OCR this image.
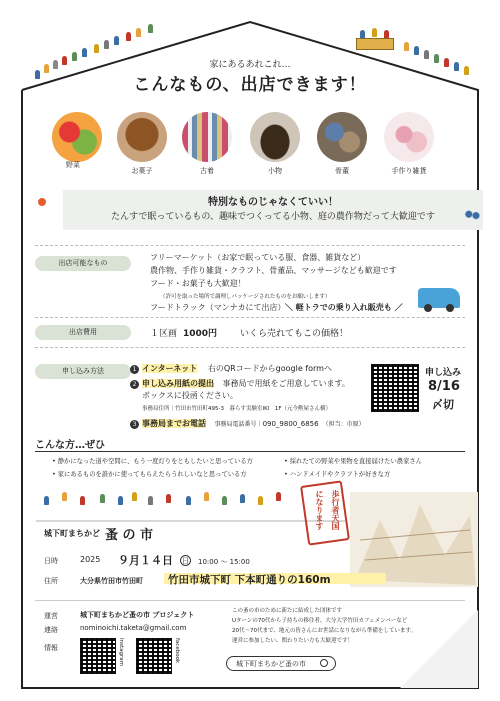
家にあるあれこれ…
こんなもの、出店できます！
野菜
お菓子	古着	小物	骨董	手作り雑貨
特別なものじゃなくていい！
たんすで眠っているもの、趣味でつくってる小物、庭の農作物だって大歓迎です
出店可能なもの
フリーマーケット（お家で眠っている服、食器、雑貨など）
農作物、手作り雑貨・クラフト、骨董品、マッサージなども歓迎です
フード・お菓子も大歓迎！
（許可を取った場所で調理しパッケージされたものをお願いします）
フードトラック（マンナカにて出店） ＼ 軽トラでの乗り入れ販売も ／
出店費用	１区画 1000円	いくら売れてもこの価格！
申し込み方法	1 インターネット 右のQRコードからgoogle formへ
2 申し込み用紙の提出 事務局で用紙をご用意しています。
ボックスに投函ください。
事務局住所｜竹田市竹田町495-3　暮らす実験室IKI　1F（元今勲屋さん横）
3 事務局までお電話 事務局電話番号｜090_9800_6856 （担当：市原）
申し込み
8/16
〆切
こんな方…ぜひ
• 静かになった道や空間に、もう一度灯りをともしたいと思っている方
• 家にあるものを誰かに使ってもらえたらうれしいなと思っている方
• 採れたての野菜や果物を直接届けたい農家さん
• ハンドメイドやクラフトが好きな方
歩行者天国
になります
城下町まちかど 蚤 の 市
日時	2025 ９月１４日 日 10:00 ～ 15:00
住所	大分県竹田市竹田町 竹田市城下町 下本町通りの160m
運営	城下町まちかど蚤の市 プロジェクト
連絡	nominoichi.taketa@gmail.com
情報	Instagram	facebook
この蚤の市のために新たに結成した団体です
Uターンの70代から子持ちの移住者、大分大学竹田カフェメンバーなど
20代〜70代まで、地元の皆さんにお世話になりながら準備をしています。
運営に参加したい、関わりたい方も大歓迎です！
城下町まちかど蚤の市
